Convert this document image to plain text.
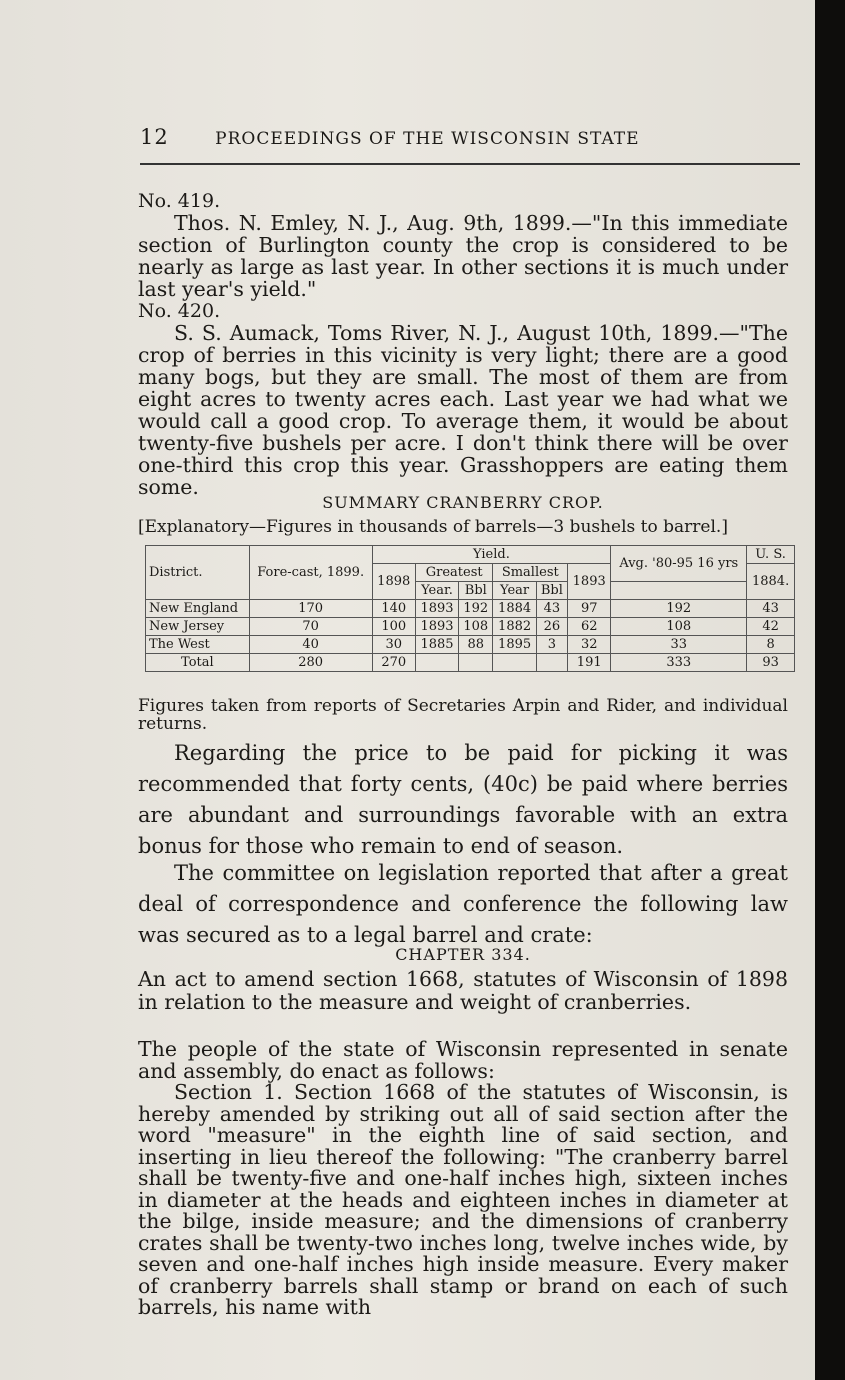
12	PROCEEDINGS OF THE WISCONSIN STATE
No. 419.
Thos. N. Emley, N. J., Aug. 9th, 1899.—"In this immediate section of Burlington county the crop is considered to be nearly as large as last year. In other sections it is much under last year's yield."
No. 420.
S. S. Aumack, Toms River, N. J., August 10th, 1899.—"The crop of berries in this vicinity is very light; there are a good many bogs, but they are small. The most of them are from eight acres to twenty acres each. Last year we had what we would call a good crop. To average them, it would be about twenty-five bushels per acre. I don't think there will be over one-third this crop this year. Grasshoppers are eating them some.
SUMMARY CRANBERRY CROP.
[Explanatory—Figures in thousands of barrels—3 bushels to barrel.]
District.	Fore-cast, 1899.	Yield.						Avg. '80-95 16 yrs	U. S.
		1898	Greatest		Smallest		1893		1884.
			Year.	Bbl	Year	Bbl			
New England	170	140	1893	192	1884	43	97	192	43
New Jersey	70	100	1893	108	1882	26	62	108	42
The West	40	30	1885	88	1895	3	32	33	8
Total	280	270					191	333	93
Figures taken from reports of Secretaries Arpin and Rider, and individual returns.
Regarding the price to be paid for picking it was recommended that forty cents, (40c) be paid where berries are abundant and surroundings favorable with an extra bonus for those who remain to end of season.
The committee on legislation reported that after a great deal of correspondence and conference the following law was secured as to a legal barrel and crate:
CHAPTER 334.
An act to amend section 1668, statutes of Wisconsin of 1898 in relation to the measure and weight of cranberries.
The people of the state of Wisconsin represented in senate and assembly, do enact as follows:
Section 1. Section 1668 of the statutes of Wisconsin, is hereby amended by striking out all of said section after the word "measure" in the eighth line of said section, and inserting in lieu thereof the following: "The cranberry barrel shall be twenty-five and one-half inches high, sixteen inches in diameter at the heads and eighteen inches in diameter at the bilge, inside measure; and the dimensions of cranberry crates shall be twenty-two inches long, twelve inches wide, by seven and one-half inches high inside measure. Every maker of cranberry barrels shall stamp or brand on each of such barrels, his name with
